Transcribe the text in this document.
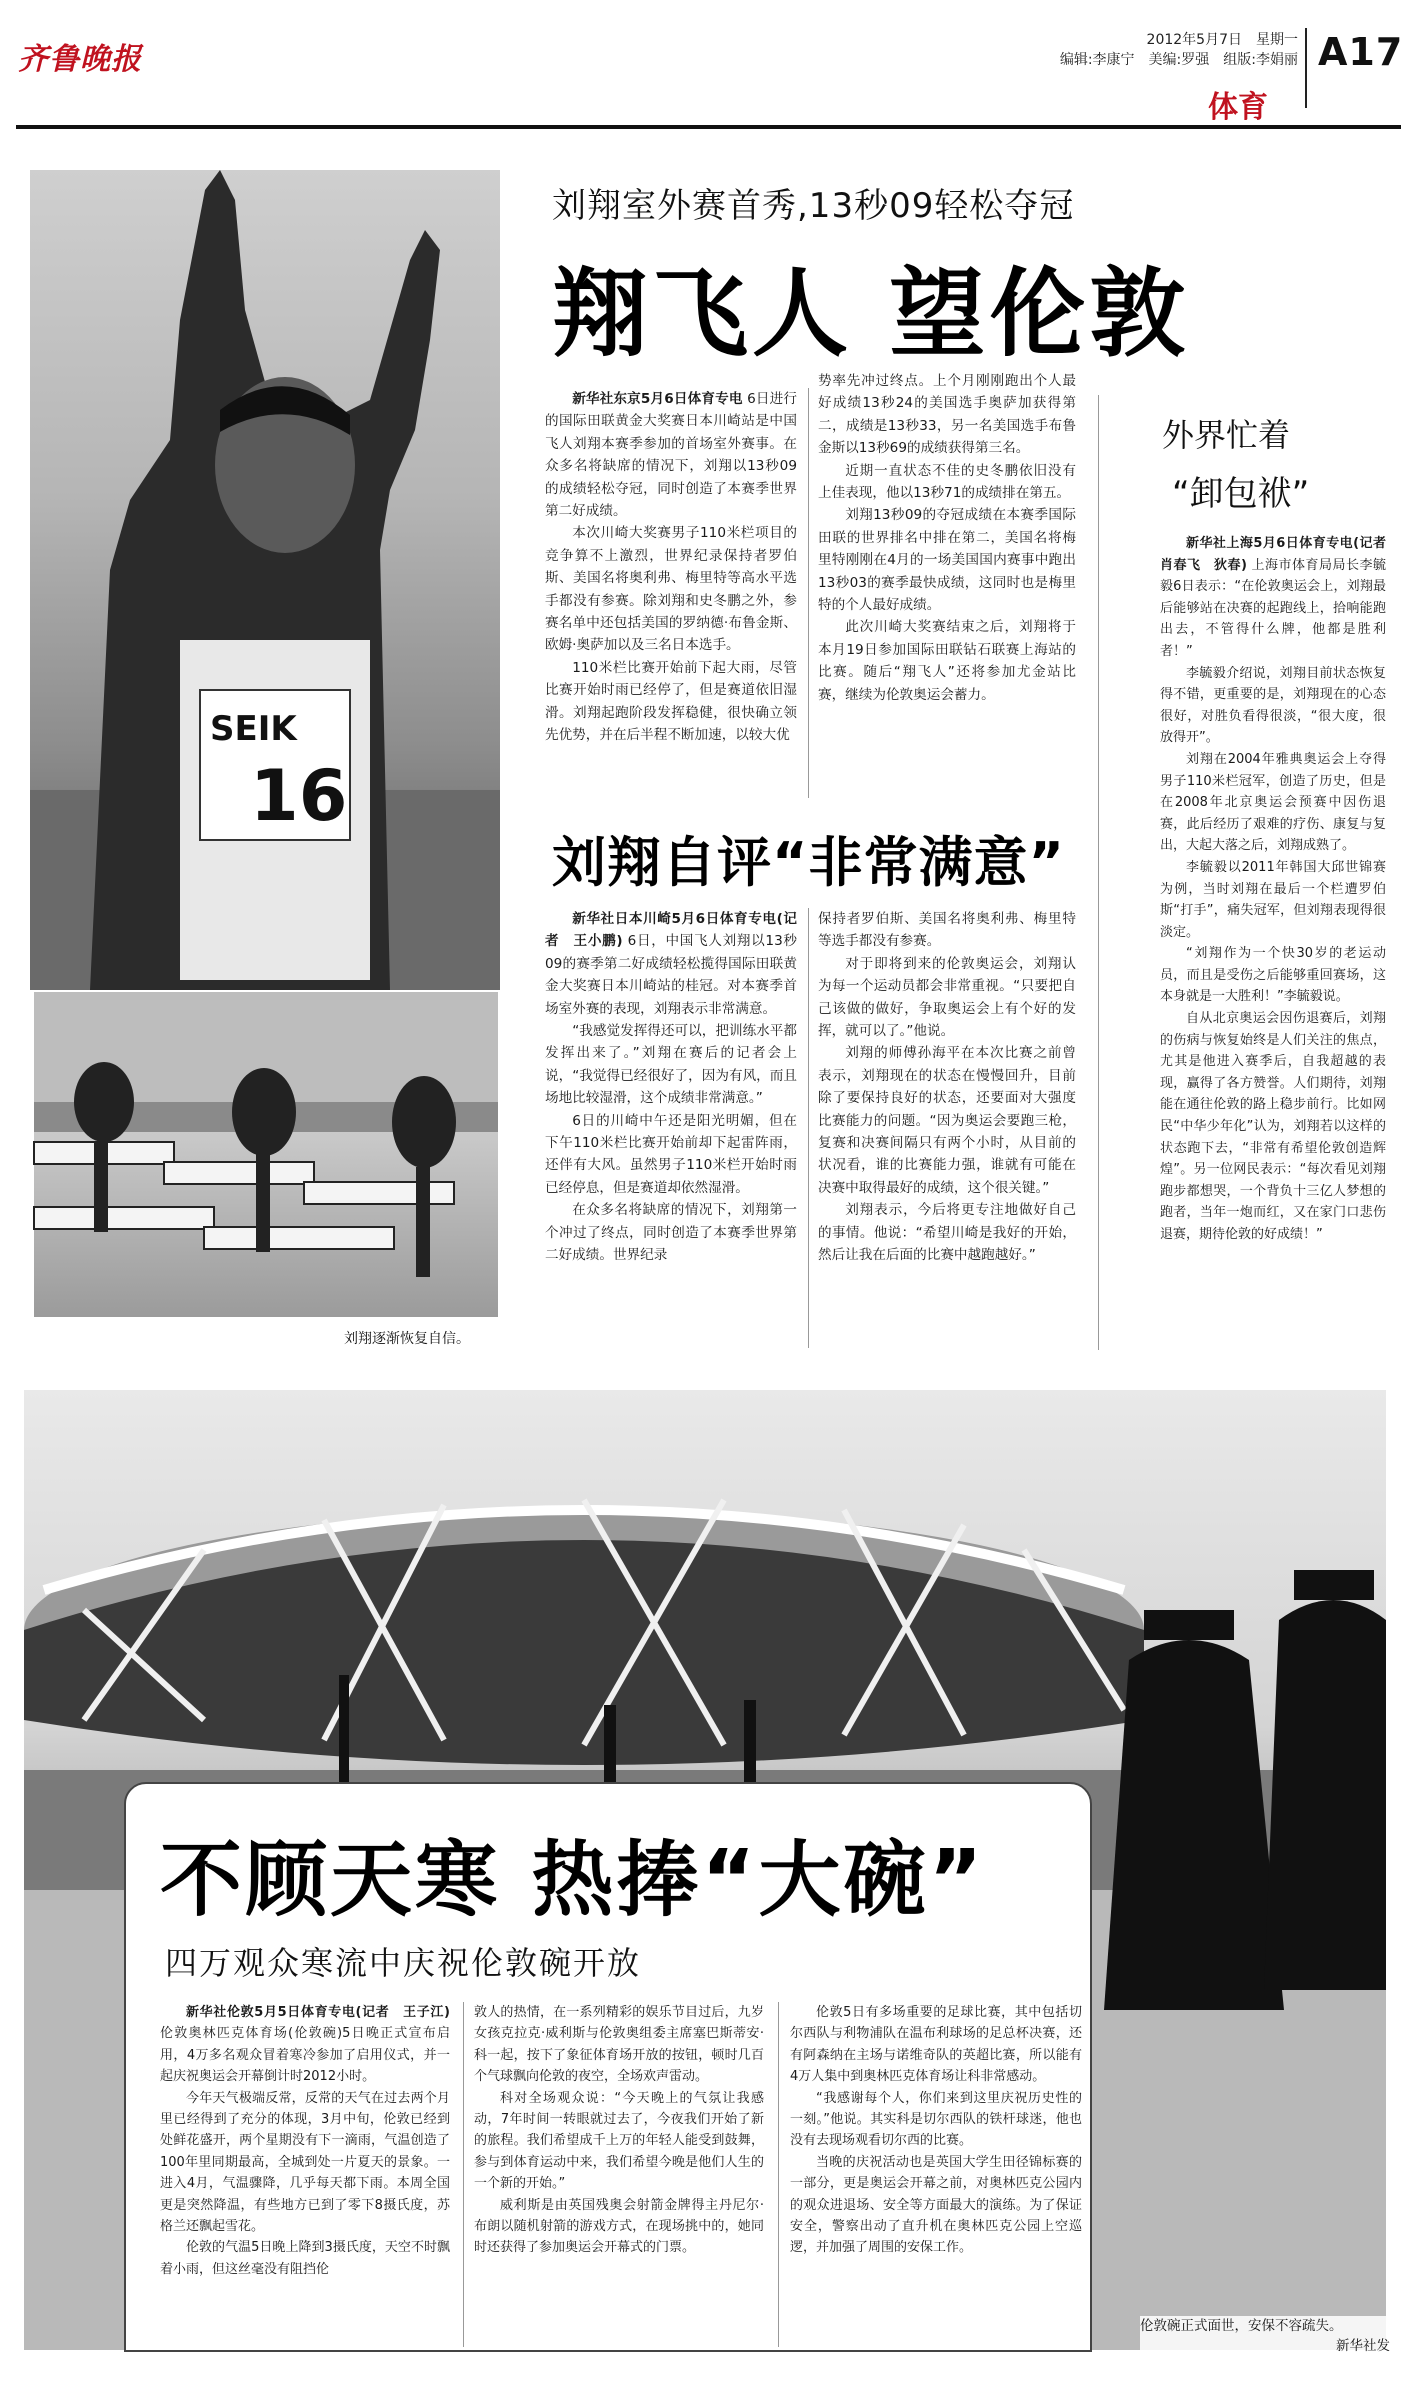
齐鲁晚报
2012年5月7日　星期一
编辑:李康宁　美编:罗强　组版:李娟丽 A17
体育
SEIK
16
刘翔逐渐恢复自信。
刘翔室外赛首秀,13秒09轻松夺冠
翔飞人 望伦敦

新华社东京5月6日体育专电 6日进行的国际田联黄金大奖赛日本川崎站是中国飞人刘翔本赛季参加的首场室外赛事。在众多名将缺席的情况下，刘翔以13秒09的成绩轻松夺冠，同时创造了本赛季世界第二好成绩。

本次川崎大奖赛男子110米栏项目的竞争算不上激烈，世界纪录保持者罗伯斯、美国名将奥利弗、梅里特等高水平选手都没有参赛。除刘翔和史冬鹏之外，参赛名单中还包括美国的罗纳德·布鲁金斯、欧姆·奥萨加以及三名日本选手。

110米栏比赛开始前下起大雨，尽管比赛开始时雨已经停了，但是赛道依旧湿滑。刘翔起跑阶段发挥稳健，很快确立领先优势，并在后半程不断加速，以较大优

势率先冲过终点。上个月刚刚跑出个人最好成绩13秒24的美国选手奥萨加获得第二，成绩是13秒33，另一名美国选手布鲁金斯以13秒69的成绩获得第三名。

近期一直状态不佳的史冬鹏依旧没有上佳表现，他以13秒71的成绩排在第五。

刘翔13秒09的夺冠成绩在本赛季国际田联的世界排名中排在第二，美国名将梅里特刚刚在4月的一场美国国内赛事中跑出13秒03的赛季最快成绩，这同时也是梅里特的个人最好成绩。

此次川崎大奖赛结束之后，刘翔将于本月19日参加国际田联钻石联赛上海站的比赛。随后“翔飞人”还将参加尤金站比赛，继续为伦敦奥运会蓄力。

刘翔自评“非常满意”

新华社日本川崎5月6日体育专电(记者　王小鹏) 6日，中国飞人刘翔以13秒09的赛季第二好成绩轻松揽得国际田联黄金大奖赛日本川崎站的桂冠。对本赛季首场室外赛的表现，刘翔表示非常满意。

“我感觉发挥得还可以，把训练水平都发挥出来了。”刘翔在赛后的记者会上说，“我觉得已经很好了，因为有风，而且场地比较湿滑，这个成绩非常满意。”

6日的川崎中午还是阳光明媚，但在下午110米栏比赛开始前却下起雷阵雨，还伴有大风。虽然男子110米栏开始时雨已经停息，但是赛道却依然湿滑。

在众多名将缺席的情况下，刘翔第一个冲过了终点，同时创造了本赛季世界第二好成绩。世界纪录

保持者罗伯斯、美国名将奥利弗、梅里特等选手都没有参赛。

对于即将到来的伦敦奥运会，刘翔认为每一个运动员都会非常重视。“只要把自己该做的做好，争取奥运会上有个好的发挥，就可以了。”他说。

刘翔的师傅孙海平在本次比赛之前曾表示，刘翔现在的状态在慢慢回升，目前除了要保持良好的状态，还要面对大强度比赛能力的问题。“因为奥运会要跑三枪，复赛和决赛间隔只有两个小时，从目前的状况看，谁的比赛能力强，谁就有可能在决赛中取得最好的成绩，这个很关键。”

刘翔表示，今后将更专注地做好自己的事情。他说：“希望川崎是我好的开始，然后让我在后面的比赛中越跑越好。”

外界忙着
“卸包袱”

新华社上海5月6日体育专电(记者　肖春飞　狄春) 上海市体育局局长李毓毅6日表示：“在伦敦奥运会上，刘翔最后能够站在决赛的起跑线上，拾响能跑出去，不管得什么牌，他都是胜利者！”

李毓毅介绍说，刘翔目前状态恢复得不错，更重要的是，刘翔现在的心态很好，对胜负看得很淡，“很大度，很放得开”。

刘翔在2004年雅典奥运会上夺得男子110米栏冠军，创造了历史，但是在2008年北京奥运会预赛中因伤退赛，此后经历了艰难的疗伤、康复与复出，大起大落之后，刘翔成熟了。

李毓毅以2011年韩国大邱世锦赛为例，当时刘翔在最后一个栏遭罗伯斯“打手”，痛失冠军，但刘翔表现得很淡定。

“刘翔作为一个快30岁的老运动员，而且是受伤之后能够重回赛场，这本身就是一大胜利！”李毓毅说。

自从北京奥运会因伤退赛后，刘翔的伤病与恢复始终是人们关注的焦点，尤其是他进入赛季后，自我超越的表现，赢得了各方赞誉。人们期待，刘翔能在通往伦敦的路上稳步前行。比如网民“中华少年化”认为，刘翔若以这样的状态跑下去，“非常有希望伦敦创造辉煌”。另一位网民表示：“每次看见刘翔跑步都想哭，一个背负十三亿人梦想的跑者，当年一炮而红，又在家门口悲伤退赛，期待伦敦的好成绩！”

不顾天寒 热捧“大碗”
四万观众寒流中庆祝伦敦碗开放

新华社伦敦5月5日体育专电(记者　王子江) 伦敦奥林匹克体育场(伦敦碗)5日晚正式宣布启用，4万多名观众冒着寒冷参加了启用仪式，并一起庆祝奥运会开幕倒计时2012小时。

今年天气极端反常，反常的天气在过去两个月里已经得到了充分的体现，3月中旬，伦敦已经到处鲜花盛开，两个星期没有下一滴雨，气温创造了100年里同期最高，全城到处一片夏天的景象。一进入4月，气温骤降，几乎每天都下雨。本周全国更是突然降温，有些地方已到了零下8摄氏度，苏格兰还飘起雪花。

伦敦的气温5日晚上降到3摄氏度，天空不时飘着小雨，但这丝毫没有阻挡伦

敦人的热情，在一系列精彩的娱乐节目过后，九岁女孩克拉克·威利斯与伦敦奥组委主席塞巴斯蒂安·科一起，按下了象征体育场开放的按钮，顿时几百个气球飘向伦敦的夜空，全场欢声雷动。

科对全场观众说：“今天晚上的气氛让我感动，7年时间一转眼就过去了，今夜我们开始了新的旅程。我们希望成千上万的年轻人能受到鼓舞，参与到体育运动中来，我们希望今晚是他们人生的一个新的开始。”

威利斯是由英国残奥会射箭金牌得主丹尼尔·布朗以随机射箭的游戏方式，在现场挑中的，她同时还获得了参加奥运会开幕式的门票。

伦敦5日有多场重要的足球比赛，其中包括切尔西队与利物浦队在温布利球场的足总杯决赛，还有阿森纳在主场与诺维奇队的英超比赛，所以能有4万人集中到奥林匹克体育场让科非常感动。

“我感谢每个人，你们来到这里庆祝历史性的一刻。”他说。其实科是切尔西队的铁杆球迷，他也没有去现场观看切尔西的比赛。

当晚的庆祝活动也是英国大学生田径锦标赛的一部分，更是奥运会开幕之前，对奥林匹克公园内的观众进退场、安全等方面最大的演练。为了保证安全，警察出动了直升机在奥林匹克公园上空巡逻，并加强了周围的安保工作。

伦敦碗正式面世，安保不容疏失。
新华社发
